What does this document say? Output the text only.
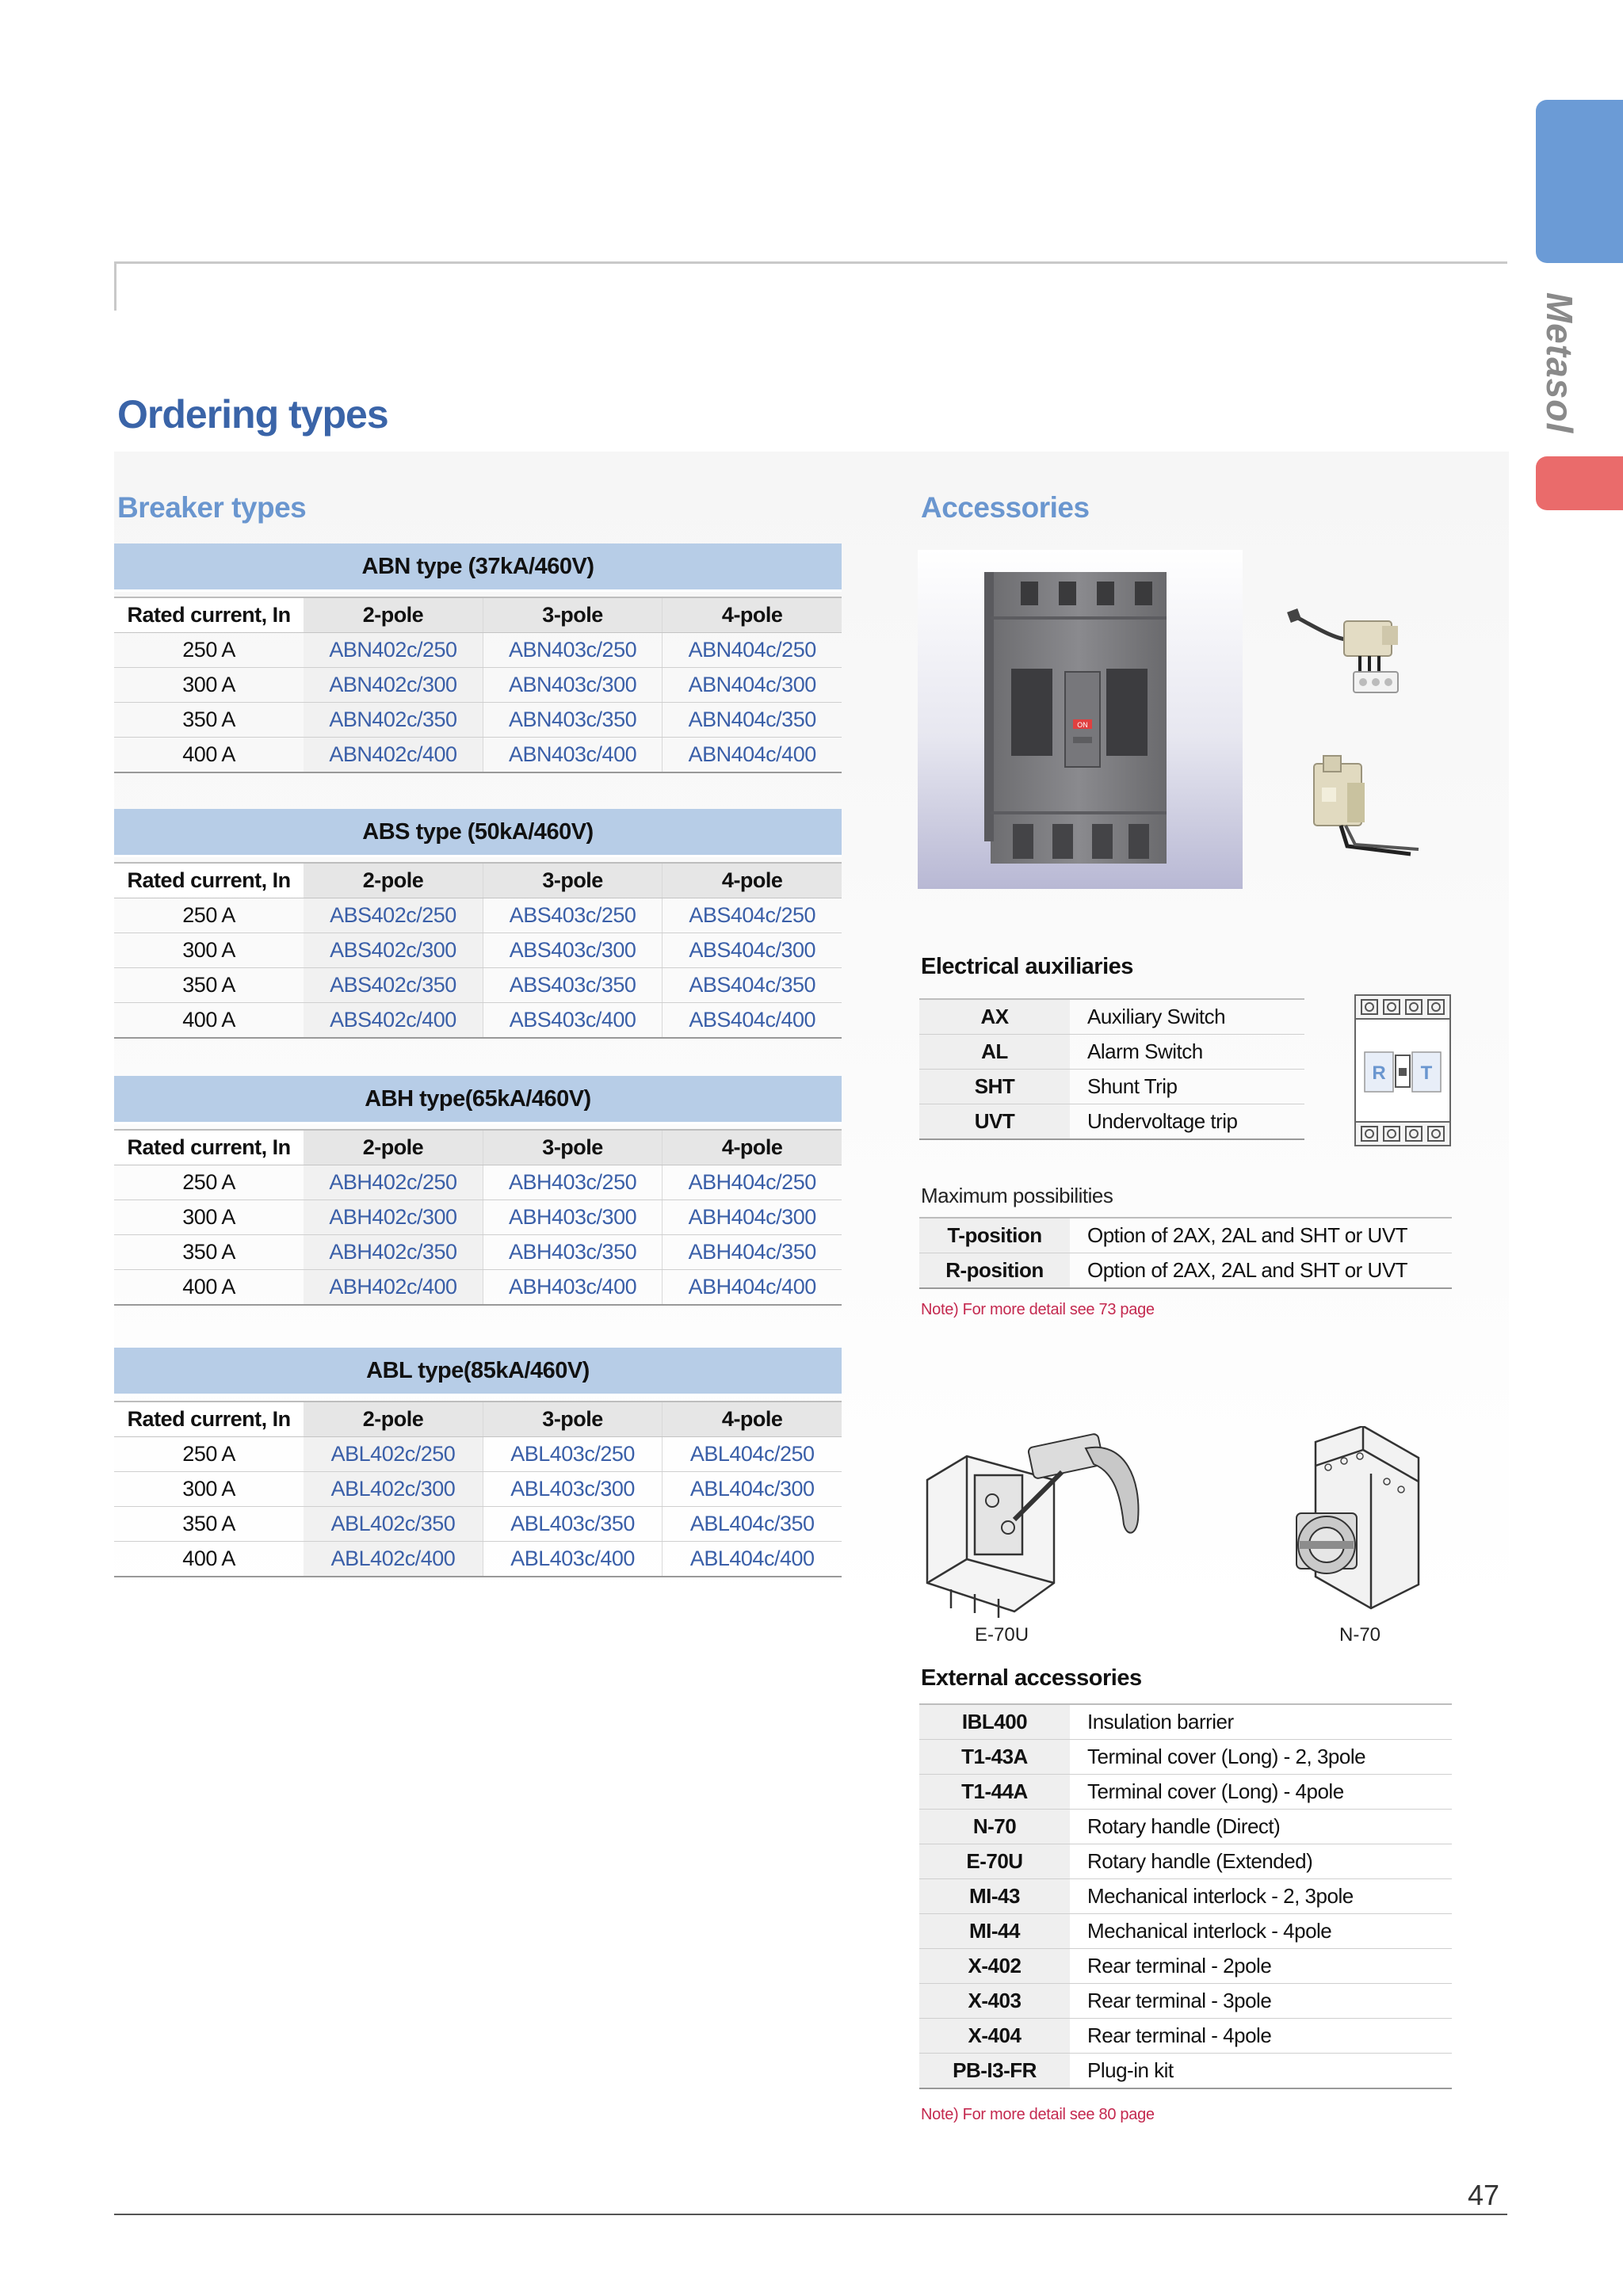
Metasol
Ordering types
Breaker types	Accessories
ABN type (37kA/460V)
Rated current, In	2-pole	3-pole	4-pole
250 A	ABN402c/250	ABN403c/250	ABN404c/250
300 A	ABN402c/300	ABN403c/300	ABN404c/300
350 A	ABN402c/350	ABN403c/350	ABN404c/350
400 A	ABN402c/400	ABN403c/400	ABN404c/400
ABS type (50kA/460V)
Rated current, In	2-pole	3-pole	4-pole
250 A	ABS402c/250	ABS403c/250	ABS404c/250
300 A	ABS402c/300	ABS403c/300	ABS404c/300
350 A	ABS402c/350	ABS403c/350	ABS404c/350
400 A	ABS402c/400	ABS403c/400	ABS404c/400
ABH type(65kA/460V)
Rated current, In	2-pole	3-pole	4-pole
250 A	ABH402c/250	ABH403c/250	ABH404c/250
300 A	ABH402c/300	ABH403c/300	ABH404c/300
350 A	ABH402c/350	ABH403c/350	ABH404c/350
400 A	ABH402c/400	ABH403c/400	ABH404c/400
ABL type(85kA/460V)
Rated current, In	2-pole	3-pole	4-pole
250 A	ABL402c/250	ABL403c/250	ABL404c/250
300 A	ABL402c/300	ABL403c/300	ABL404c/300
350 A	ABL402c/350	ABL403c/350	ABL404c/350
400 A	ABL402c/400	ABL403c/400	ABL404c/400
ON
Electrical auxiliaries
AX	Auxiliary Switch
AL	Alarm Switch
SHT	Shunt Trip
UVT	Undervoltage trip
R T
Maximum possibilities
T-position	Option of 2AX, 2AL and SHT or UVT
R-position	Option of 2AX, 2AL and SHT or UVT
Note) For more detail see 73 page
E-70U	N-70
External accessories
IBL400	Insulation barrier
T1-43A	Terminal cover (Long) - 2, 3pole
T1-44A	Terminal cover (Long) - 4pole
N-70	Rotary handle (Direct)
E-70U	Rotary handle (Extended)
MI-43	Mechanical interlock - 2, 3pole
MI-44	Mechanical interlock - 4pole
X-402	Rear terminal - 2pole
X-403	Rear terminal - 3pole
X-404	Rear terminal - 4pole
PB-I3-FR	Plug-in kit
Note) For more detail see 80 page
47
